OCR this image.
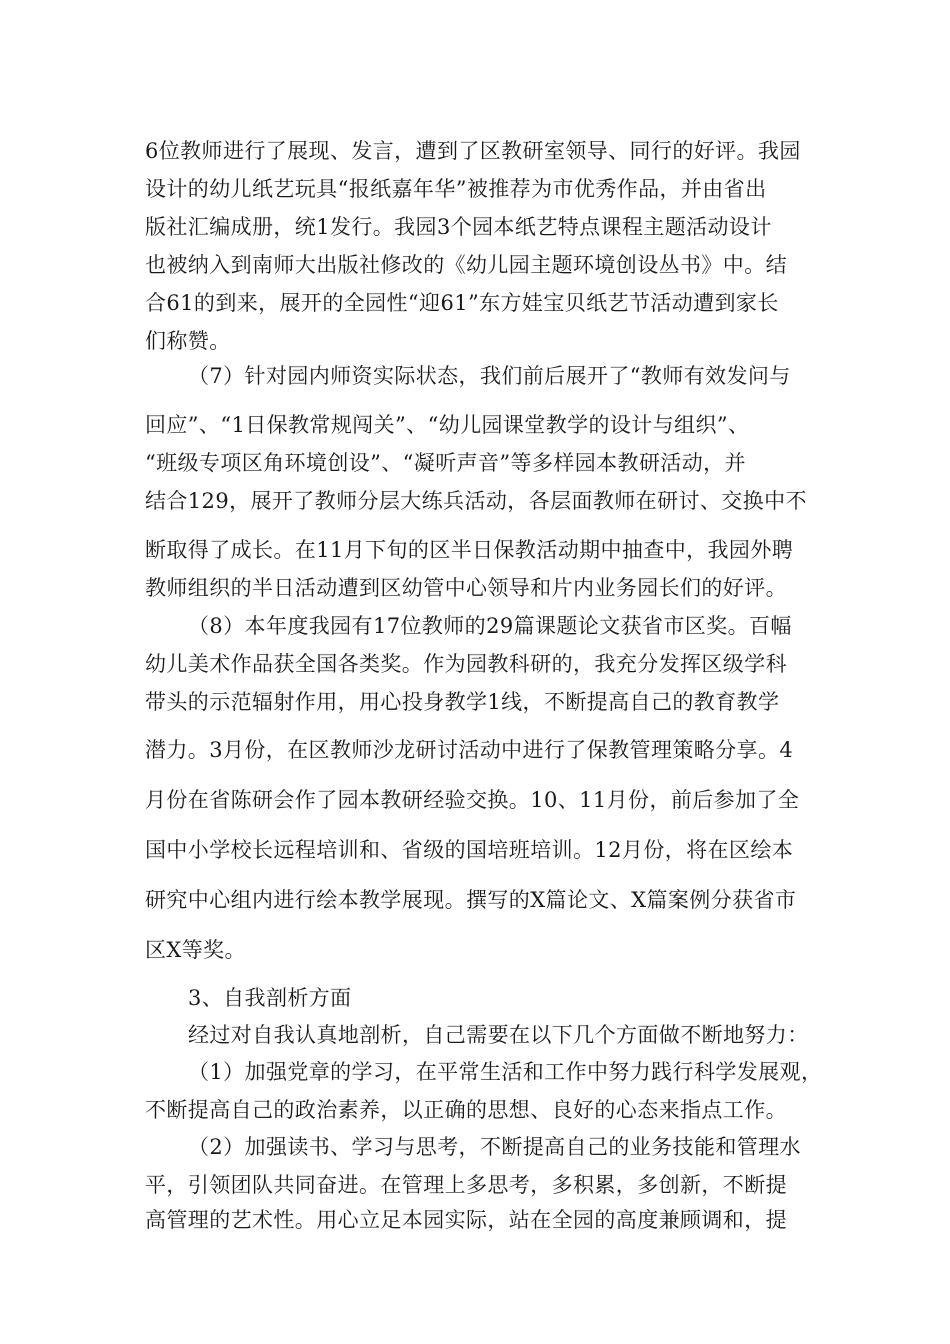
6位教师进行了展现、发言，遭到了区教研室领导、同行的好评。我园
设计的幼儿纸艺玩具“报纸嘉年华”被推荐为市优秀作品，并由省出
版社汇编成册，统1发行。我园3个园本纸艺特点课程主题活动设计
也被纳入到南师大出版社修改的《幼儿园主题环境创设丛书》中。结
合61的到来，展开的全园性“迎61”东方娃宝贝纸艺节活动遭到家长
们称赞。
（7）针对园内师资实际状态，我们前后展开了“教师有效发问与
回应”、“1日保教常规闯关”、“幼儿园课堂教学的设计与组织”、
“班级专项区角环境创设”、“凝听声音”等多样园本教研活动，并
结合129，展开了教师分层大练兵活动，各层面教师在研讨、交换中不
断取得了成长。在11月下旬的区半日保教活动期中抽查中，我园外聘
教师组织的半日活动遭到区幼管中心领导和片内业务园长们的好评。
（8）本年度我园有17位教师的29篇课题论文获省市区奖。百幅
幼儿美术作品获全国各类奖。作为园教科研的，我充分发挥区级学科
带头的示范辐射作用，用心投身教学1线，不断提高自己的教育教学
潜力。3月份，在区教师沙龙研讨活动中进行了保教管理策略分享。4
月份在省陈研会作了园本教研经验交换。10、11月份，前后参加了全
国中小学校长远程培训和、省级的国培班培训。12月份，将在区绘本
研究中心组内进行绘本教学展现。撰写的X篇论文、X篇案例分获省市
区X等奖。
3、自我剖析方面
经过对自我认真地剖析，自己需要在以下几个方面做不断地努力：
（1）加强党章的学习，在平常生活和工作中努力践行科学发展观，
不断提高自己的政治素养，以正确的思想、良好的心态来指点工作。
（2）加强读书、学习与思考，不断提高自己的业务技能和管理水
平，引领团队共同奋进。在管理上多思考，多积累，多创新，不断提
高管理的艺术性。用心立足本园实际，站在全园的高度兼顾调和，提
